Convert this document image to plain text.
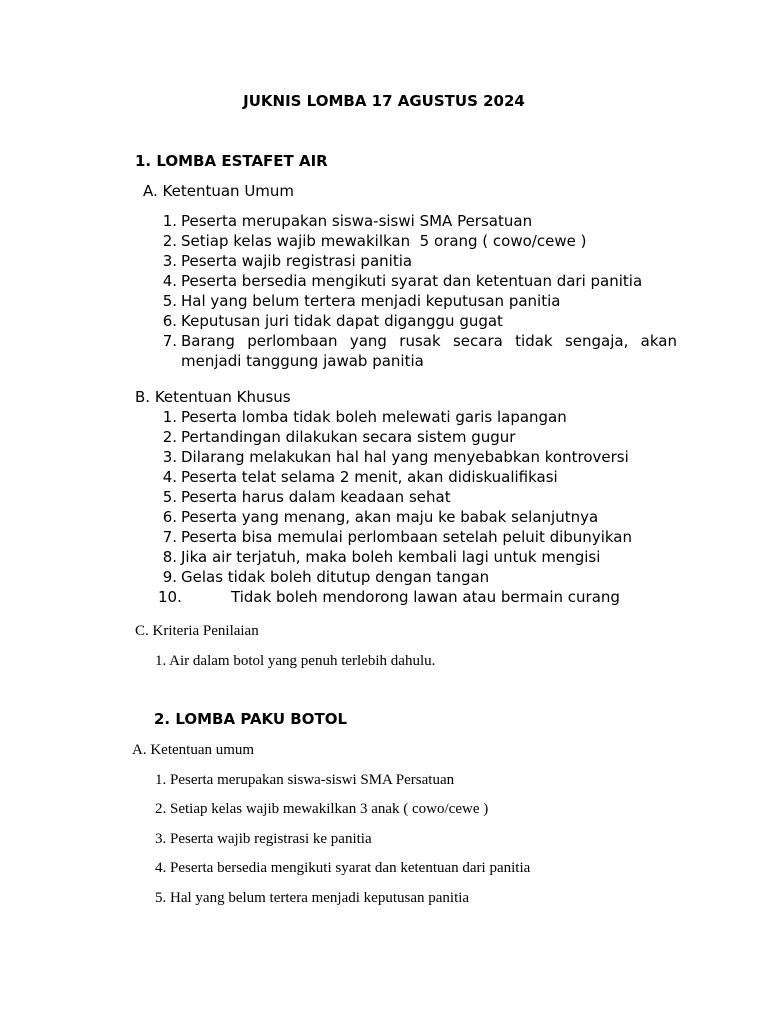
JUKNIS LOMBA 17 AGUSTUS 2024
1. LOMBA ESTAFET AIR
A. Ketentuan Umum
1. Peserta merupakan siswa-siswi SMA Persatuan
2. Setiap kelas wajib mewakilkan  5 orang ( cowo/cewe )
3. Peserta wajib registrasi panitia
4. Peserta bersedia mengikuti syarat dan ketentuan dari panitia
5. Hal yang belum tertera menjadi keputusan panitia
6. Keputusan juri tidak dapat diganggu gugat
7. Barang perlombaan yang rusak secara tidak sengaja, akan menjadi tanggung jawab panitia
B. Ketentuan Khusus
1. Peserta lomba tidak boleh melewati garis lapangan
2. Pertandingan dilakukan secara sistem gugur
3. Dilarang melakukan hal hal yang menyebabkan kontroversi
4. Peserta telat selama 2 menit, akan didiskualifikasi
5. Peserta harus dalam keadaan sehat
6. Peserta yang menang, akan maju ke babak selanjutnya
7. Peserta bisa memulai perlombaan setelah peluit dibunyikan
8. Jika air terjatuh, maka boleh kembali lagi untuk mengisi
9. Gelas tidak boleh ditutup dengan tangan
10.	Tidak boleh mendorong lawan atau bermain curang
C. Kriteria Penilaian
1. Air dalam botol yang penuh terlebih dahulu.
2. LOMBA PAKU BOTOL
A. Ketentuan umum
1. Peserta merupakan siswa-siswi SMA Persatuan
2. Setiap kelas wajib mewakilkan 3 anak ( cowo/cewe )
3. Peserta wajib registrasi ke panitia
4. Peserta bersedia mengikuti syarat dan ketentuan dari panitia
5. Hal yang belum tertera menjadi keputusan panitia
